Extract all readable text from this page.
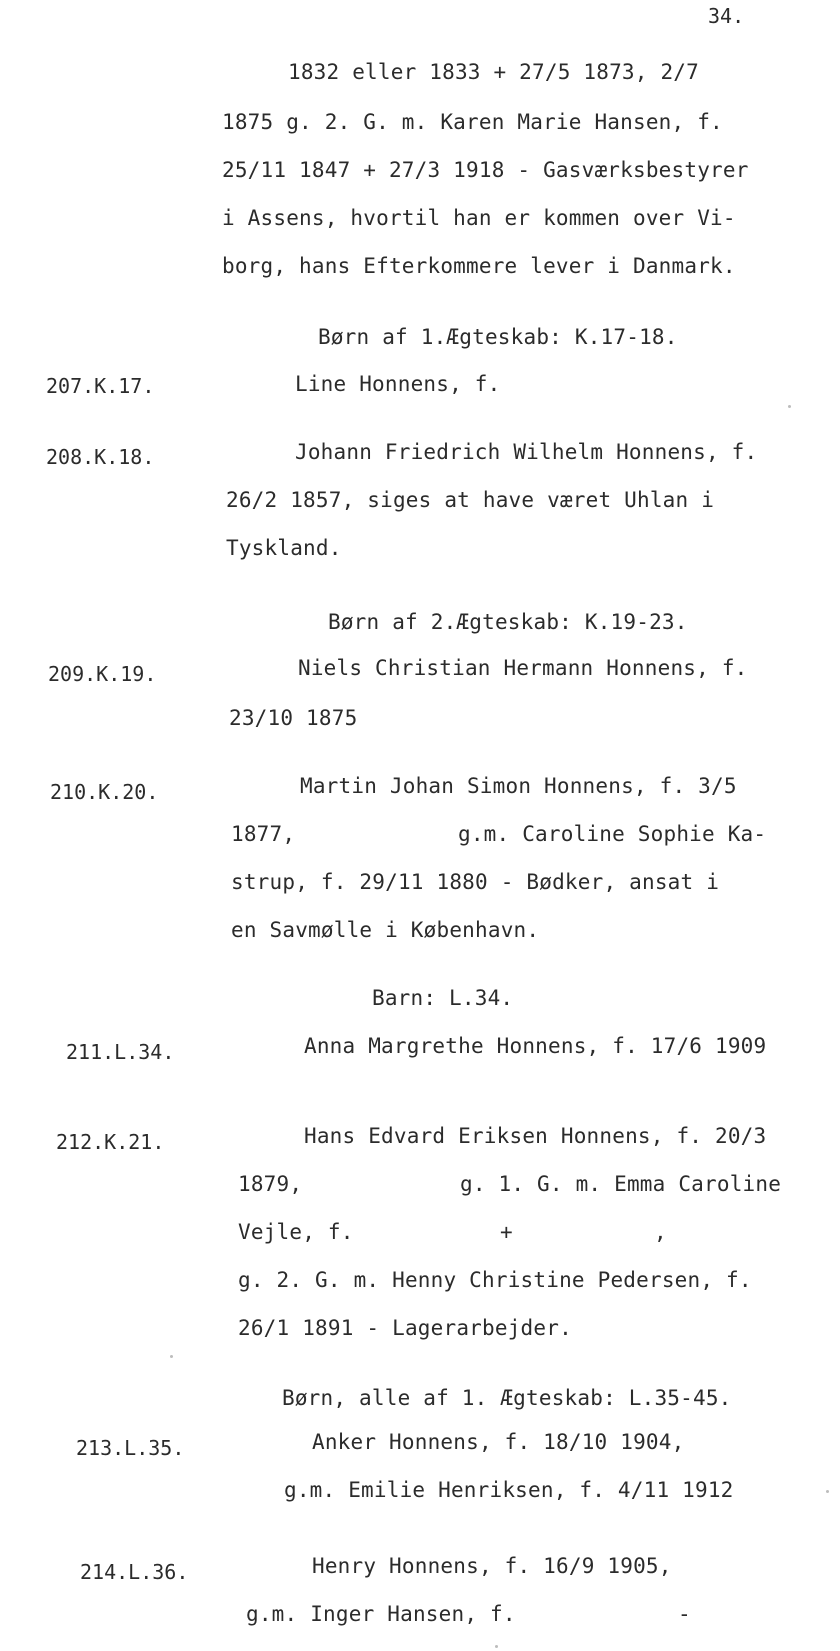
34.
1832 eller 1833 + 27/5 1873, 2/7
1875 g. 2. G. m. Karen Marie Hansen, f.
25/11 1847 + 27/3 1918 - Gasværksbestyrer
i Assens, hvortil han er kommen over Vi-
borg, hans Efterkommere lever i Danmark.
Børn af 1.Ægteskab: K.17-18.
207.K.17.	Line Honnens, f.
208.K.18.	Johann Friedrich Wilhelm Honnens, f.
26/2 1857, siges at have været Uhlan i
Tyskland.
Børn af 2.Ægteskab: K.19-23.
209.K.19.	Niels Christian Hermann Honnens, f.
23/10 1875
210.K.20.	Martin Johan Simon Honnens, f. 3/5
1877,	g.m. Caroline Sophie Ka-
strup, f. 29/11 1880 - Bødker, ansat i
en Savmølle i København.
Barn: L.34.
211.L.34.	Anna Margrethe Honnens, f. 17/6 1909
212.K.21.	Hans Edvard Eriksen Honnens, f. 20/3
1879,	g. 1. G. m. Emma Caroline
Vejle, f.	+	,
g. 2. G. m. Henny Christine Pedersen, f.
26/1 1891 - Lagerarbejder.
Børn, alle af 1. Ægteskab: L.35-45.
213.L.35.	Anker Honnens, f. 18/10 1904,
g.m. Emilie Henriksen, f. 4/11 1912
214.L.36.	Henry Honnens, f. 16/9 1905,
g.m. Inger Hansen, f.	-
